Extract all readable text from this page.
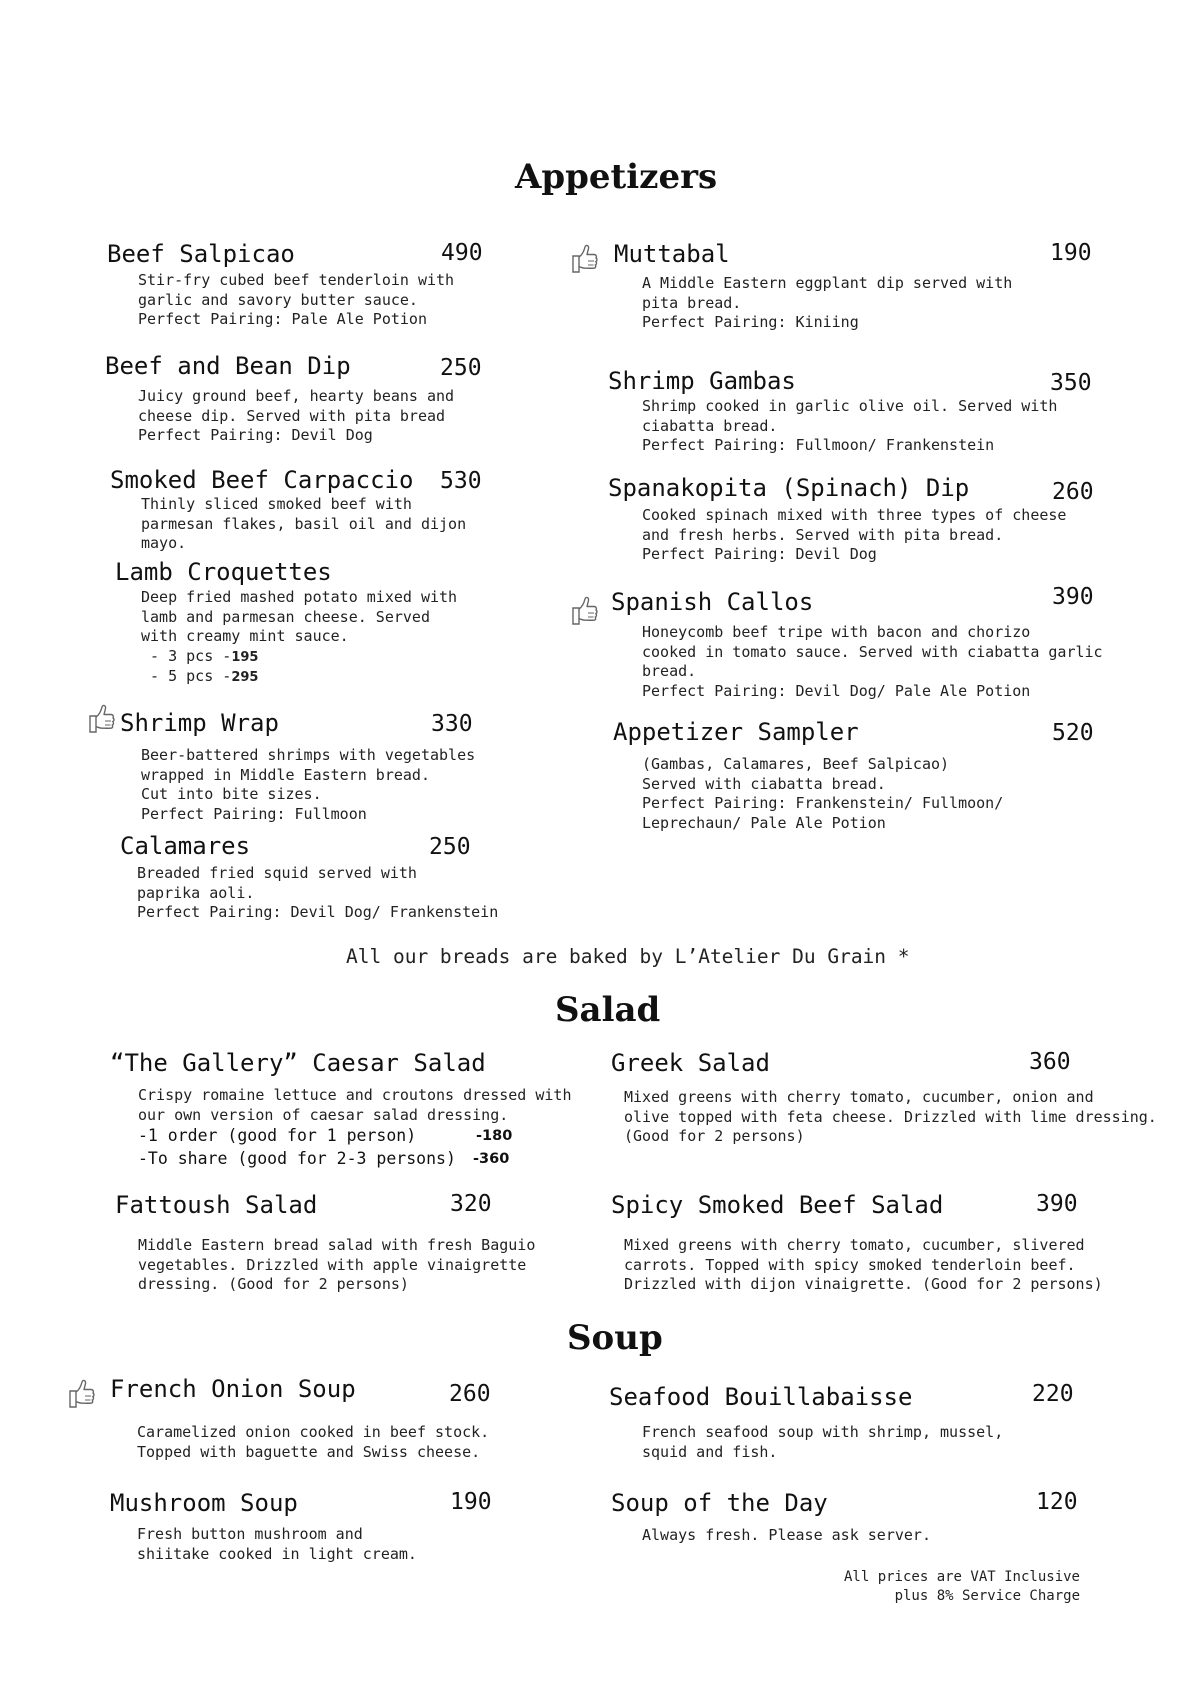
Appetizers
Beef Salpicao	490
Stir-fry cubed beef tenderloin with
garlic and savory butter sauce.
Perfect Pairing: Pale Ale Potion
Beef and Bean Dip	250
Juicy ground beef, hearty beans and
cheese dip. Served with pita bread
Perfect Pairing: Devil Dog
Smoked Beef Carpaccio 530
Thinly sliced smoked beef with
parmesan flakes, basil oil and dijon
mayo.
Lamb Croquettes
Deep fried mashed potato mixed with
lamb and parmesan cheese. Served
with creamy mint sauce.
- 3 pcs -195
- 5 pcs -295
Shrimp Wrap	330
Beer-battered shrimps with vegetables
wrapped in Middle Eastern bread.
Cut into bite sizes.
Perfect Pairing: Fullmoon
Calamares	250
Breaded fried squid served with
paprika aoli.
Perfect Pairing: Devil Dog/ Frankenstein
Muttabal	190
A Middle Eastern eggplant dip served with
pita bread.
Perfect Pairing: Kiniing
Shrimp Gambas	350
Shrimp cooked in garlic olive oil. Served with
ciabatta bread.
Perfect Pairing: Fullmoon/ Frankenstein
Spanakopita (Spinach) Dip	260
Cooked spinach mixed with three types of cheese
and fresh herbs. Served with pita bread.
Perfect Pairing: Devil Dog
Spanish Callos	390
Honeycomb beef tripe with bacon and chorizo
cooked in tomato sauce. Served with ciabatta garlic
bread.
Perfect Pairing: Devil Dog/ Pale Ale Potion
Appetizer Sampler	520
(Gambas, Calamares, Beef Salpicao)
Served with ciabatta bread.
Perfect Pairing: Frankenstein/ Fullmoon/
Leprechaun/ Pale Ale Potion
All our breads are baked by L’Atelier Du Grain *
Salad
“The Gallery” Caesar Salad
Crispy romaine lettuce and croutons dressed with
our own version of caesar salad dressing.
-1 order (good for 1 person)	-180
-To share (good for 2-3 persons) -360
Greek Salad	360
Mixed greens with cherry tomato, cucumber, onion and
olive topped with feta cheese. Drizzled with lime dressing.
(Good for 2 persons)
Fattoush Salad	320
Middle Eastern bread salad with fresh Baguio
vegetables. Drizzled with apple vinaigrette
dressing. (Good for 2 persons)
Spicy Smoked Beef Salad	390
Mixed greens with cherry tomato, cucumber, slivered
carrots. Topped with spicy smoked tenderloin beef.
Drizzled with dijon vinaigrette. (Good for 2 persons)
Soup
French Onion Soup	260
Caramelized onion cooked in beef stock.
Topped with baguette and Swiss cheese.
Seafood Bouillabaisse	220
French seafood soup with shrimp, mussel,
squid and fish.
Mushroom Soup	190
Fresh button mushroom and
shiitake cooked in light cream.
Soup of the Day	120
Always fresh. Please ask server.
All prices are VAT Inclusive
plus 8% Service Charge
